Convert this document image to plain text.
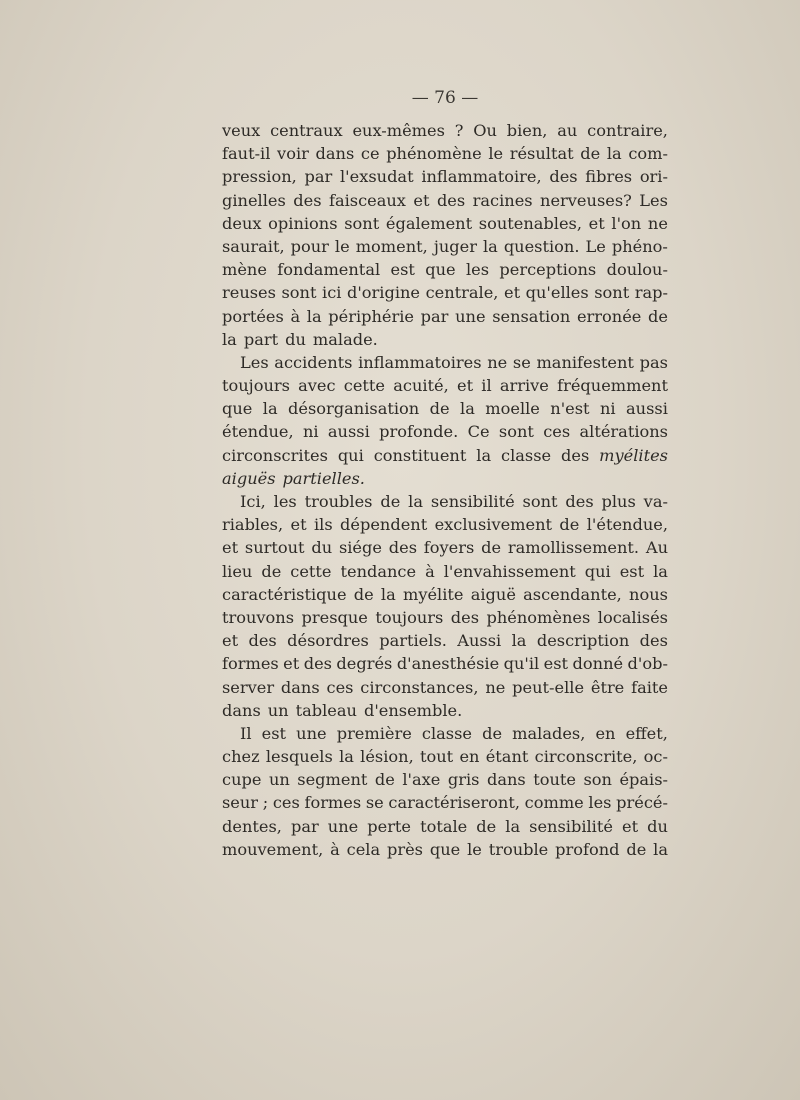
— 76 —
veux centraux eux-mêmes ? Ou bien, au contraire,
faut-il voir dans ce phénomène le résultat de la com-
pression, par l'exsudat inflammatoire, des fibres ori-
ginelles des faisceaux et des racines nerveuses? Les
deux opinions sont également soutenables, et l'on ne
saurait, pour le moment, juger la question. Le phéno-
mène fondamental est que les perceptions doulou-
reuses sont ici d'origine centrale, et qu'elles sont rap-
portées à la périphérie par une sensation erronée de
la part du malade.
Les accidents inflammatoires ne se manifestent pas
toujours avec cette acuité, et il arrive fréquemment
que la désorganisation de la moelle n'est ni aussi
étendue, ni aussi profonde. Ce sont ces altérations
circonscrites qui constituent la classe des myélites
aiguës partielles.
Ici, les troubles de la sensibilité sont des plus va-
riables, et ils dépendent exclusivement de l'étendue,
et surtout du siége des foyers de ramollissement. Au
lieu de cette tendance à l'envahissement qui est la
caractéristique de la myélite aiguë ascendante, nous
trouvons presque toujours des phénomènes localisés
et des désordres partiels. Aussi la description des
formes et des degrés d'anesthésie qu'il est donné d'ob-
server dans ces circonstances, ne peut-elle être faite
dans un tableau d'ensemble.
Il est une première classe de malades, en effet,
chez lesquels la lésion, tout en étant circonscrite, oc-
cupe un segment de l'axe gris dans toute son épais-
seur ; ces formes se caractériseront, comme les précé-
dentes, par une perte totale de la sensibilité et du
mouvement, à cela près que le trouble profond de la
